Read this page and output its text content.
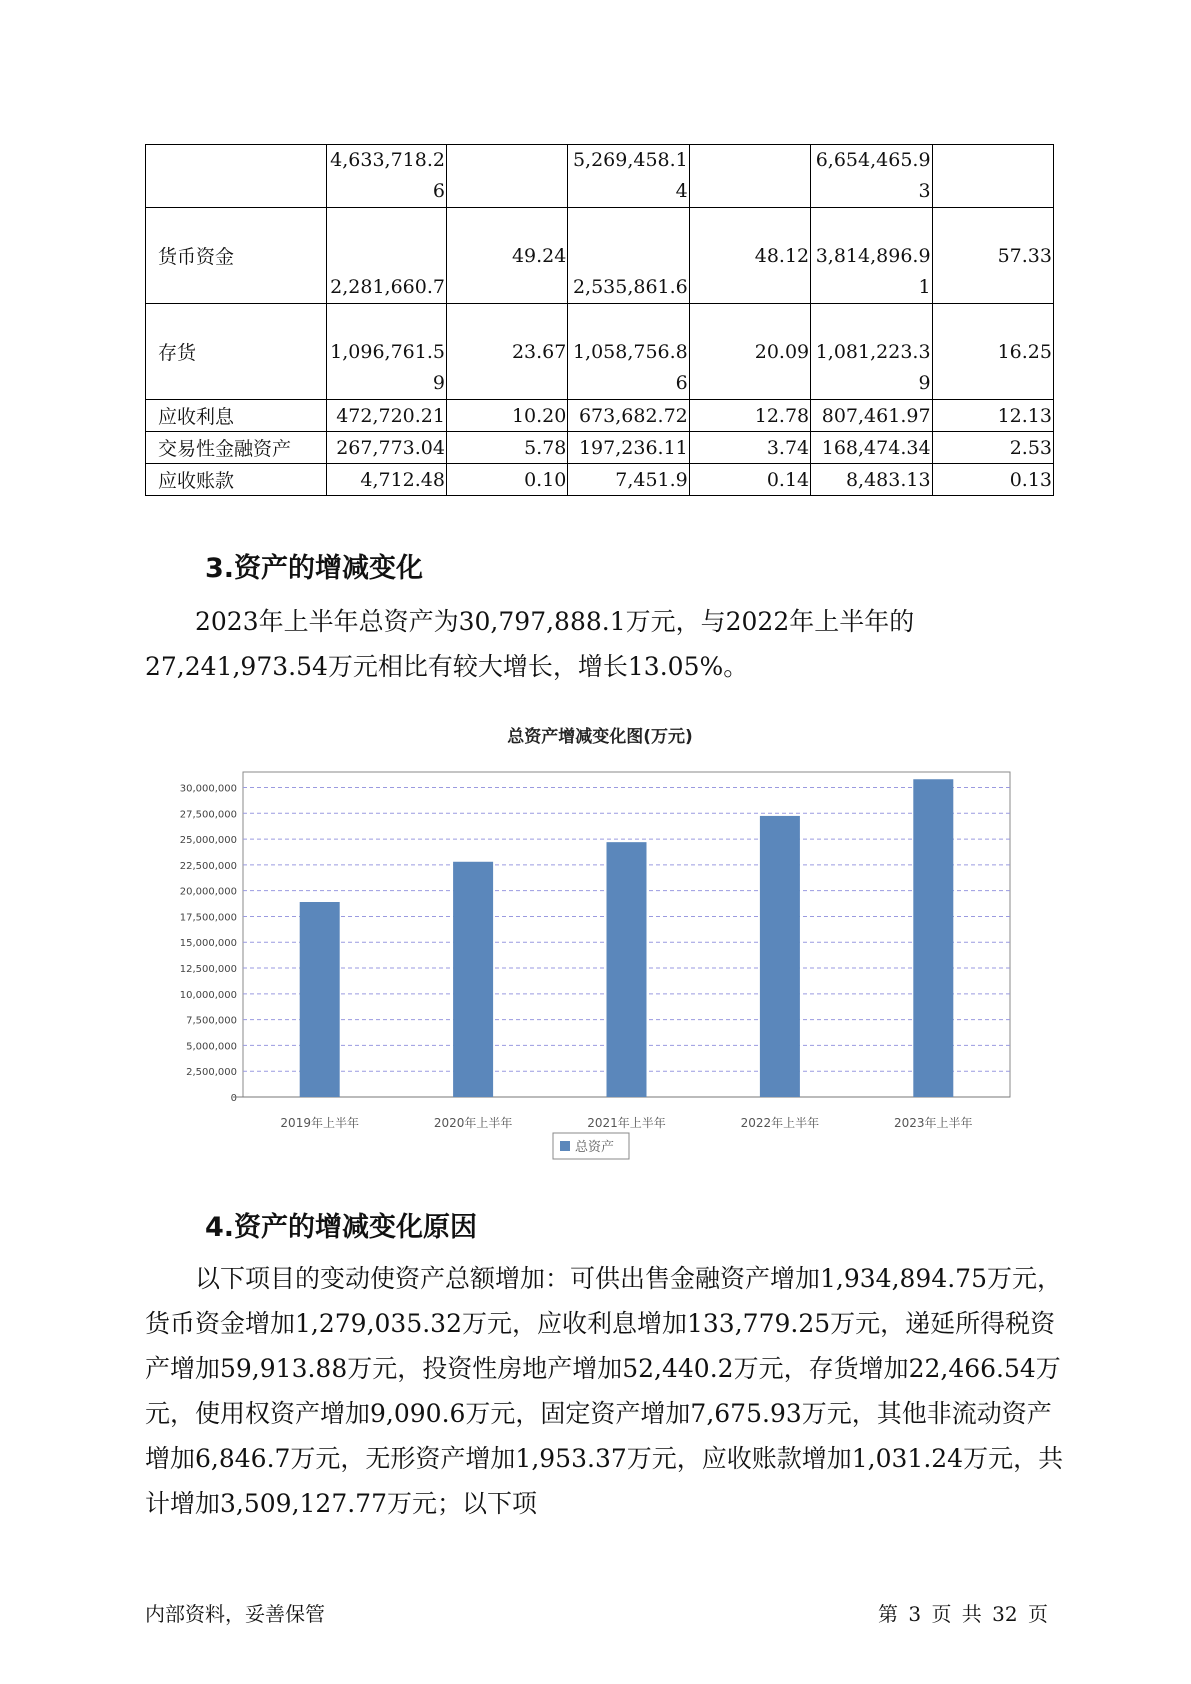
	4,633,718.26		5,269,458.14		6,654,465.93	
货币资金	2,281,660.7	49.24	2,535,861.6	48.12	3,814,896.91	57.33
存货	1,096,761.59	23.67	1,058,756.86	20.09	1,081,223.39	16.25
应收利息	472,720.21	10.20	673,682.72	12.78	807,461.97	12.13
交易性金融资产	267,773.04	5.78	197,236.11	3.74	168,474.34	2.53
应收账款	4,712.48	0.10	7,451.9	0.14	8,483.13	0.13
3.资产的增减变化

2023年上半年总资产为30,797,888.1万元，与2022年上半年的27,241,973.54万元相比有较大增长，增长13.05%。

总资产增减变化图(万元)
0
2,500,000
5,000,000
7,500,000
10,000,000
12,500,000
15,000,000
17,500,000
20,000,000
22,500,000
25,000,000
27,500,000
30,000,000
2019年上半年	2020年上半年	2021年上半年	2022年上半年	2023年上半年
总资产
4.资产的增减变化原因

以下项目的变动使资产总额增加：可供出售金融资产增加1,934,894.75万元，货币资金增加1,279,035.32万元，应收利息增加133,779.25万元，递延所得税资产增加59,913.88万元，投资性房地产增加52,440.2万元，存货增加22,466.54万元，使用权资产增加9,090.6万元，固定资产增加7,675.93万元，其他非流动资产增加6,846.7万元，无形资产增加1,953.37万元，应收账款增加1,031.24万元，共计增加3,509,127.77万元；以下项

内部资料，妥善保管	第 3 页 共 32 页
